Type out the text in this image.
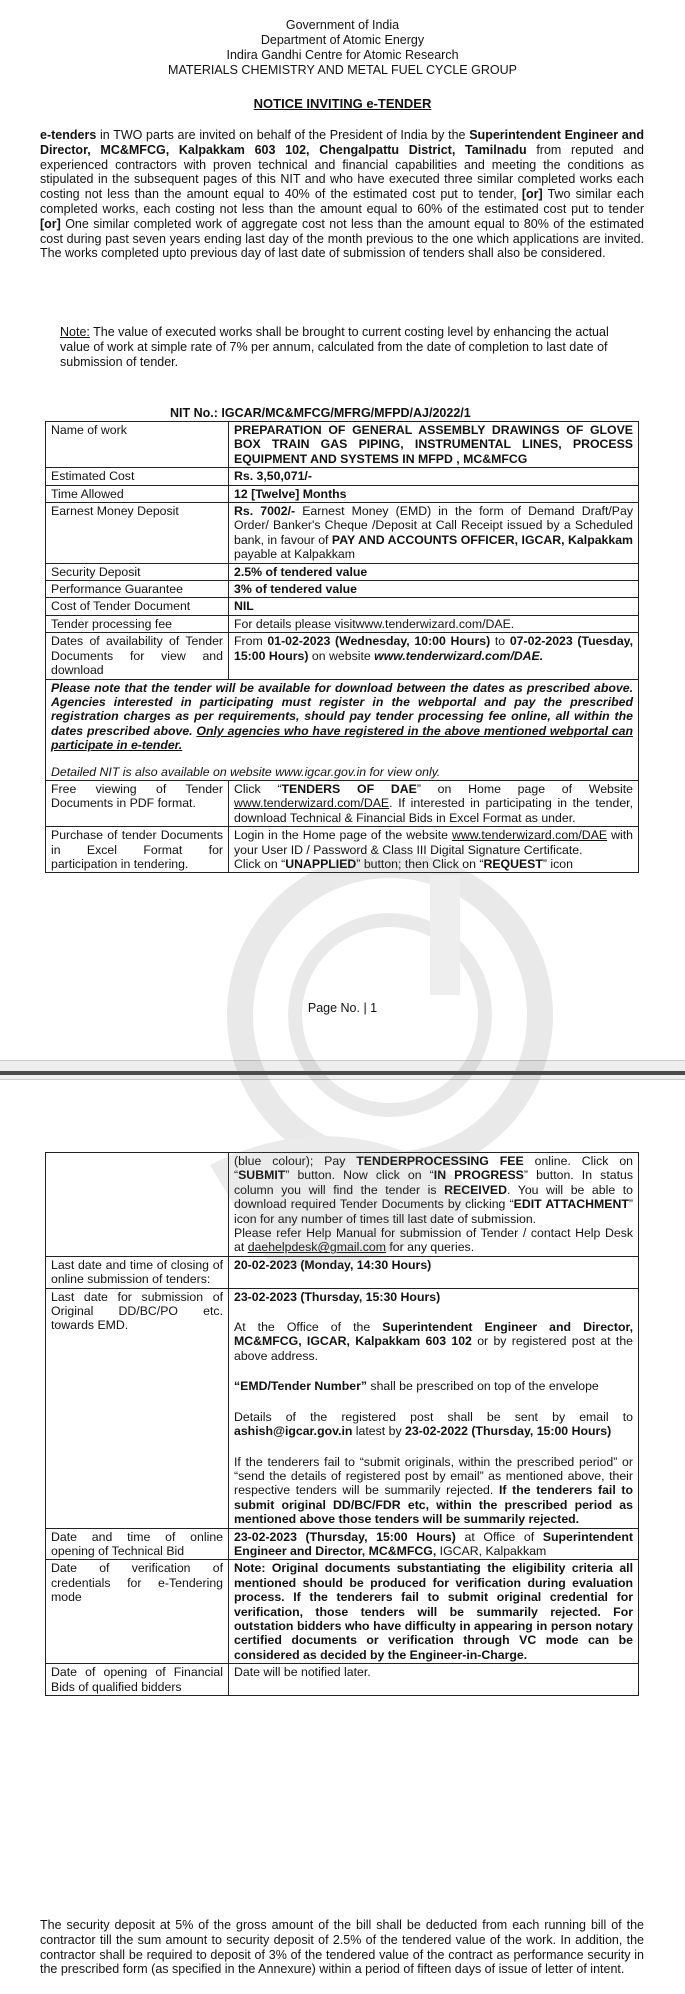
Government of India
Department of Atomic Energy
Indira Gandhi Centre for Atomic Research
MATERIALS CHEMISTRY AND METAL FUEL CYCLE GROUP
NOTICE INVITING e-TENDER
e-tenders in TWO parts are invited on behalf of the President of India by the Superintendent Engineer and Director, MC&MFCG, Kalpakkam 603 102, Chengalpattu District, Tamilnadu from reputed and experienced contractors with proven technical and financial capabilities and meeting the conditions as stipulated in the subsequent pages of this NIT and who have executed three similar completed works each costing not less than the amount equal to 40% of the estimated cost put to tender, [or] Two similar each completed works, each costing not less than the amount equal to 60% of the estimated cost put to tender [or] One similar completed work of aggregate cost not less than the amount equal to 80% of the estimated cost during past seven years ending last day of the month previous to the one which applications are invited. The works completed upto previous day of last date of submission of tenders shall also be considered.
Note: The value of executed works shall be brought to current costing level by enhancing the actual value of work at simple rate of 7% per annum, calculated from the date of completion to last date of submission of tender.
NIT No.: IGCAR/MC&MFCG/MFRG/MFPD/AJ/2022/1
Name of work	PREPARATION OF GENERAL ASSEMBLY DRAWINGS OF GLOVE BOX TRAIN GAS PIPING, INSTRUMENTAL LINES, PROCESS EQUIPMENT AND SYSTEMS IN MFPD , MC&MFCG
Estimated Cost	Rs. 3,50,071/-
Time Allowed	12 [Twelve] Months
Earnest Money Deposit	Rs. 7002/- Earnest Money (EMD) in the form of Demand Draft/Pay Order/ Banker's Cheque /Deposit at Call Receipt issued by a Scheduled bank, in favour of PAY AND ACCOUNTS OFFICER, IGCAR, Kalpakkam payable at Kalpakkam
Security Deposit	2.5% of tendered value
Performance Guarantee	3% of tendered value
Cost of Tender Document	NIL
Tender processing fee	For details please visitwww.tenderwizard.com/DAE.
Dates of availability of Tender Documents for view and download	From 01-02-2023 (Wednesday, 10:00 Hours) to 07-02-2023 (Tuesday, 15:00 Hours) on website www.tenderwizard.com/DAE.
Please note that the tender will be available for download between the dates as prescribed above. Agencies interested in participating must register in the webportal and pay the prescribed registration charges as per requirements, should pay tender processing fee online, all within the dates prescribed above. Only agencies who have registered in the above mentioned webportal can participate in e-tender.
Detailed NIT is also available on website www.igcar.gov.in for view only.	
Free viewing of Tender Documents in PDF format.	Click “TENDERS OF DAE” on Home page of Website www.tenderwizard.com/DAE. If interested in participating in the tender, download Technical & Financial Bids in Excel Format as under.
Purchase of tender Documents in Excel Format for participation in tendering.	Login in the Home page of the website www.tenderwizard.com/DAE with your User ID / Password & Class III Digital Signature Certificate.
Click on “UNAPPLIED” button; then Click on “REQUEST” icon
Page No. | 1
	(blue colour); Pay TENDERPROCESSING FEE online. Click on “SUBMIT” button. Now click on “IN PROGRESS” button. In status column you will find the tender is RECEIVED. You will be able to download required Tender Documents by clicking “EDIT ATTACHMENT” icon for any number of times till last date of submission.
Please refer Help Manual for submission of Tender / contact Help Desk at daehelpdesk@gmail.com for any queries.
Last date and time of closing of online submission of tenders:	20-02-2023 (Monday, 14:30 Hours)
Last date for submission of Original DD/BC/PO etc. towards EMD.	23-02-2023 (Thursday, 15:30 Hours)
At the Office of the Superintendent Engineer and Director, MC&MFCG, IGCAR, Kalpakkam 603 102 or by registered post at the above address.
“EMD/Tender Number” shall be prescribed on top of the envelope
Details of the registered post shall be sent by email to ashish@igcar.gov.in latest by 23-02-2022 (Thursday, 15:00 Hours)
If the tenderers fail to “submit originals, within the prescribed period” or “send the details of registered post by email” as mentioned above, their respective tenders will be summarily rejected. If the tenderers fail to submit original DD/BC/FDR etc, within the prescribed period as mentioned above those tenders will be summarily rejected.

Date and time of online opening of Technical Bid	23-02-2023 (Thursday, 15:00 Hours) at Office of Superintendent Engineer and Director, MC&MFCG, IGCAR, Kalpakkam
Date of verification of credentials for e-Tendering mode	Note: Original documents substantiating the eligibility criteria all mentioned should be produced for verification during evaluation process. If the tenderers fail to submit original credential for verification, those tenders will be summarily rejected. For outstation bidders who have difficulty in appearing in person notary certified documents or verification through VC mode can be considered as decided by the Engineer-in-Charge.
Date of opening of Financial Bids of qualified bidders	Date will be notified later.
The security deposit at 5% of the gross amount of the bill shall be deducted from each running bill of the contractor till the sum amount to security deposit of 2.5% of the tendered value of the work. In addition, the contractor shall be required to deposit of 3% of the tendered value of the contract as performance security in the prescribed form (as specified in the Annexure) within a period of fifteen days of issue of letter of intent.
